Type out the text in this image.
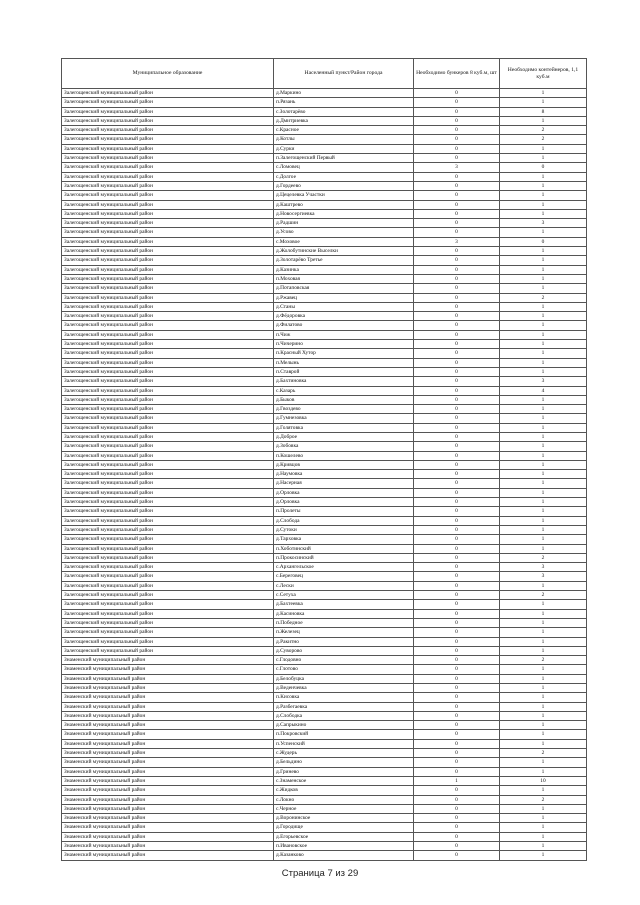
Муниципальное образование	Населенный пункт/Район города	Необходимо бункеров 8 куб.м, шт	Необходимо контейнеров, 1,1 куб.м
Залегощенский муниципальный район	д.Маркино	0	1
Залегощенский муниципальный район	п.Рязань	0	1
Залегощенский муниципальный район	с.Золотарёво	0	8
Залегощенский муниципальный район	д.Дмитриевка	0	1
Залегощенский муниципальный район	с.Красное	0	2
Залегощенский муниципальный район	д.Котлы	0	2
Залегощенский муниципальный район	д.Сурки	0	1
Залегощенский муниципальный район	п.Залегощенский Первый	0	1
Залегощенский муниципальный район	с.Ломовец	3	0
Залегощенский муниципальный район	с.Долгое	0	1
Залегощенский муниципальный район	д.Гордеево	0	1
Залегощенский муниципальный район	д.Цецелевка Участки	0	1
Залегощенский муниципальный район	д.Каштрево	0	1
Залегощенский муниципальный район	д.Новосергиевка	0	1
Залегощенский муниципальный район	д.Радшин	0	3
Залегощенский муниципальный район	д.Усово	0	1
Залегощенский муниципальный район	с.Моховое	3	0
Залегощенский муниципальный район	д.Жолобутинские Выселки	0	1
Залегощенский муниципальный район	д.Золотарёво Третье	0	1
Залегощенский муниципальный район	д.Казинка	0	1
Залегощенский муниципальный район	п.Моховая	0	1
Залегощенский муниципальный район	д.Потаповская	0	1
Залегощенский муниципальный район	д.Ржавец	0	2
Залегощенский муниципальный район	д.Станы	0	1
Залегощенский муниципальный район	д.Фёдоровка	0	1
Залегощенский муниципальный район	д.Филатово	0	1
Залегощенский муниципальный район	п.Чиж	0	1
Залегощенский муниципальный район	п.Чичерино	0	1
Залегощенский муниципальный район	п.Красный Хутор	0	1
Залегощенский муниципальный район	п.Мелынь	0	1
Залегощенский муниципальный район	п.Ставрой	0	1
Залегощенский муниципальный район	д.Бахтиновка	0	3
Залегощенский муниципальный район	с.Казарь	0	4
Залегощенский муниципальный район	д.Быков	0	1
Залегощенский муниципальный район	д.Гвоздево	0	1
Залегощенский муниципальный район	д.Гумнезовка	0	1
Залегощенский муниципальный район	д.Голятовка	0	1
Залегощенский муниципальный район	д.Доброе	0	1
Залегощенский муниципальный район	д.Зобовка	0	1
Залегощенский муниципальный район	п.Кошелево	0	1
Залегощенский муниципальный район	д.Кривцов	0	1
Залегощенский муниципальный район	д.Наумовка	0	1
Залегощенский муниципальный район	д.Насерная	0	1
Залегощенский муниципальный район	д.Орловка	0	1
Залегощенский муниципальный район	д.Орловка	0	1
Залегощенский муниципальный район	п.Пролеты	0	1
Залегощенский муниципальный район	д.Слобода	0	1
Залегощенский муниципальный район	д.Сутоки	0	1
Залегощенский муниципальный район	д.Тарховка	0	1
Залегощенский муниципальный район	п.Хоботинский	0	1
Залегощенский муниципальный район	п.Прокосинский	0	2
Залегощенский муниципальный район	с.Архангельское	0	3
Залегощенский муниципальный район	с.Береговец	0	3
Залегощенский муниципальный район	с.Лески	0	1
Залегощенский муниципальный район	с.Сетуха	0	2
Залегощенский муниципальный район	д.Бахтеевка	0	1
Залегощенский муниципальный район	д.Касиновка	0	1
Залегощенский муниципальный район	п.Победное	0	1
Залегощенский муниципальный район	п.Железец	0	1
Залегощенский муниципальный район	д.Ракитно	0	1
Залегощенский муниципальный район	д.Суворово	0	1
Знаменский муниципальный район	с.Глодовно	0	2
Знаменский муниципальный район	с.Глотово	0	1
Знаменский муниципальный район	д.Белобуцка	0	1
Знаменский муниципальный район	д.Веденчевка	0	1
Знаменский муниципальный район	п.Кисовка	0	1
Знаменский муниципальный район	д.Разбегаевка	0	1
Знаменский муниципальный район	д.Слободка	0	1
Знаменский муниципальный район	д.Сапрыкино	0	1
Знаменский муниципальный район	п.Покровский	0	1
Знаменский муниципальный район	п.Успенский	0	1
Знаменский муниципальный район	с.Жудерь	0	2
Знаменский муниципальный район	д.Бельдино	0	1
Знаменский муниципальный район	д.Гринево	0	1
Знаменский муниципальный район	с.Знаменское	1	10
Знаменский муниципальный район	с.Жидков	0	1
Знаменский муниципальный район	с.Локно	0	2
Знаменский муниципальный район	с.Черное	0	1
Знаменский муниципальный район	д.Воронинское	0	1
Знаменский муниципальный район	д.Городище	0	1
Знаменский муниципальный район	д.Егорьевское	0	1
Знаменский муниципальный район	п.Ивановское	0	1
Знаменский муниципальный район	д.Казанково	0	1
Страница 7 из 29
